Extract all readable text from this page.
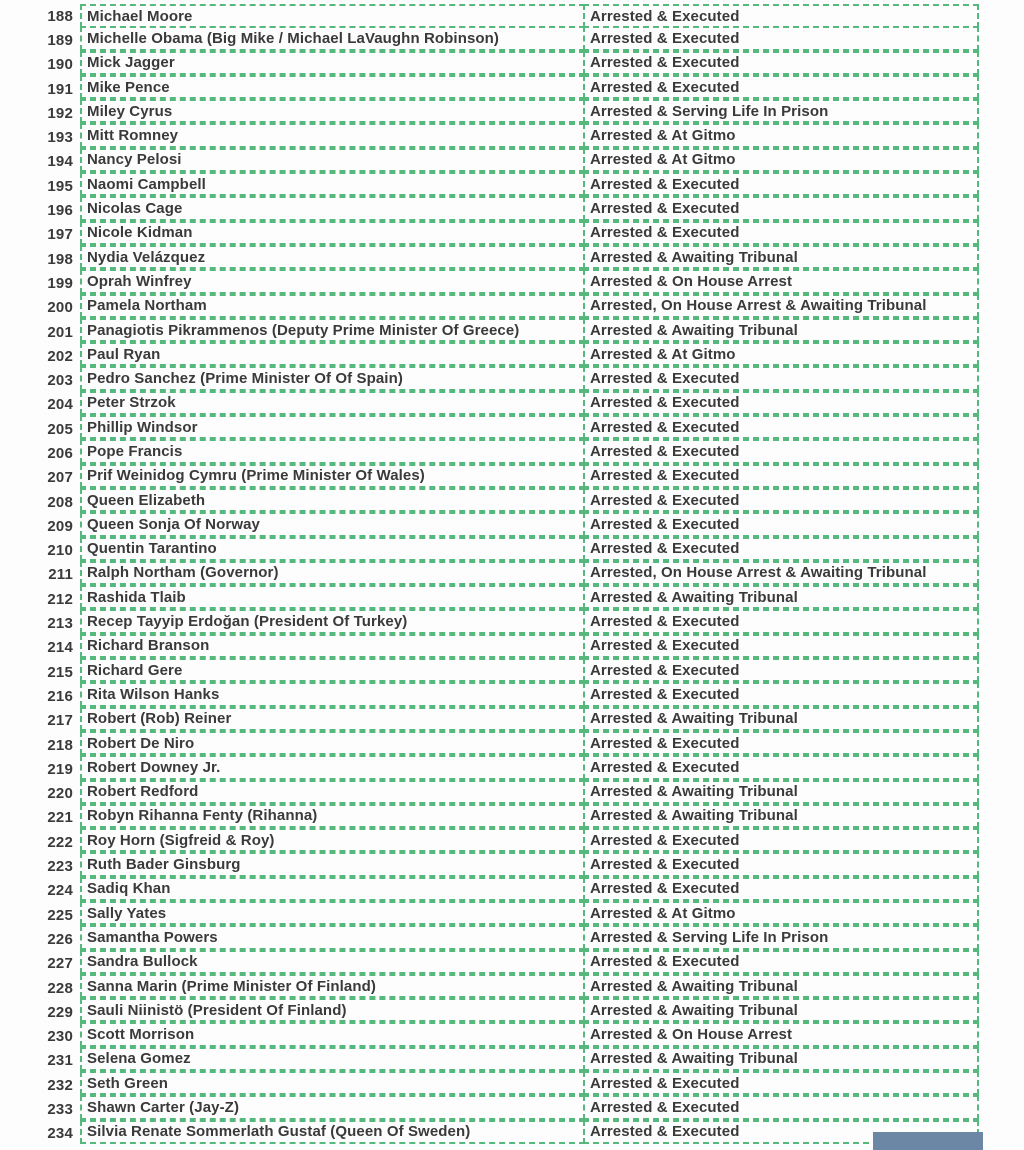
188 Michael Moore	Arrested & Executed
189 Michelle Obama (Big Mike / Michael LaVaughn Robinson)	Arrested & Executed
190 Mick Jagger	Arrested & Executed
191 Mike Pence	Arrested & Executed
192 Miley Cyrus	Arrested & Serving Life In Prison
193 Mitt Romney	Arrested & At Gitmo
194 Nancy Pelosi	Arrested & At Gitmo
195 Naomi Campbell	Arrested & Executed
196 Nicolas Cage	Arrested & Executed
197 Nicole Kidman	Arrested & Executed
198 Nydia Velázquez	Arrested & Awaiting Tribunal
199 Oprah Winfrey	Arrested & On House Arrest
200 Pamela Northam	Arrested, On House Arrest & Awaiting Tribunal
201 Panagiotis Pikrammenos (Deputy Prime Minister Of Greece)	Arrested & Awaiting Tribunal
202 Paul Ryan	Arrested & At Gitmo
203 Pedro Sanchez (Prime Minister Of Of Spain)	Arrested & Executed
204 Peter Strzok	Arrested & Executed
205 Phillip Windsor	Arrested & Executed
206 Pope Francis	Arrested & Executed
207 Prif Weinidog Cymru (Prime Minister Of Wales)	Arrested & Executed
208 Queen Elizabeth	Arrested & Executed
209 Queen Sonja Of Norway	Arrested & Executed
210 Quentin Tarantino	Arrested & Executed
211 Ralph Northam (Governor)	Arrested, On House Arrest & Awaiting Tribunal
212 Rashida Tlaib	Arrested & Awaiting Tribunal
213 Recep Tayyip Erdoğan (President Of Turkey)	Arrested & Executed
214 Richard Branson	Arrested & Executed
215 Richard Gere	Arrested & Executed
216 Rita Wilson Hanks	Arrested & Executed
217 Robert (Rob) Reiner	Arrested & Awaiting Tribunal
218 Robert De Niro	Arrested & Executed
219 Robert Downey Jr.	Arrested & Executed
220 Robert Redford	Arrested & Awaiting Tribunal
221 Robyn Rihanna Fenty (Rihanna)	Arrested & Awaiting Tribunal
222 Roy Horn (Sigfreid & Roy)	Arrested & Executed
223 Ruth Bader Ginsburg	Arrested & Executed
224 Sadiq Khan	Arrested & Executed
225 Sally Yates	Arrested & At Gitmo
226 Samantha Powers	Arrested & Serving Life In Prison
227 Sandra Bullock	Arrested & Executed
228 Sanna Marin (Prime Minister Of Finland)	Arrested & Awaiting Tribunal
229 Sauli Niinistö (President Of Finland)	Arrested & Awaiting Tribunal
230 Scott Morrison	Arrested & On House Arrest
231 Selena Gomez	Arrested & Awaiting Tribunal
232 Seth Green	Arrested & Executed
233 Shawn Carter (Jay-Z)	Arrested & Executed
234 Silvia Renate Sommerlath Gustaf (Queen Of Sweden)	Arrested & Executed
